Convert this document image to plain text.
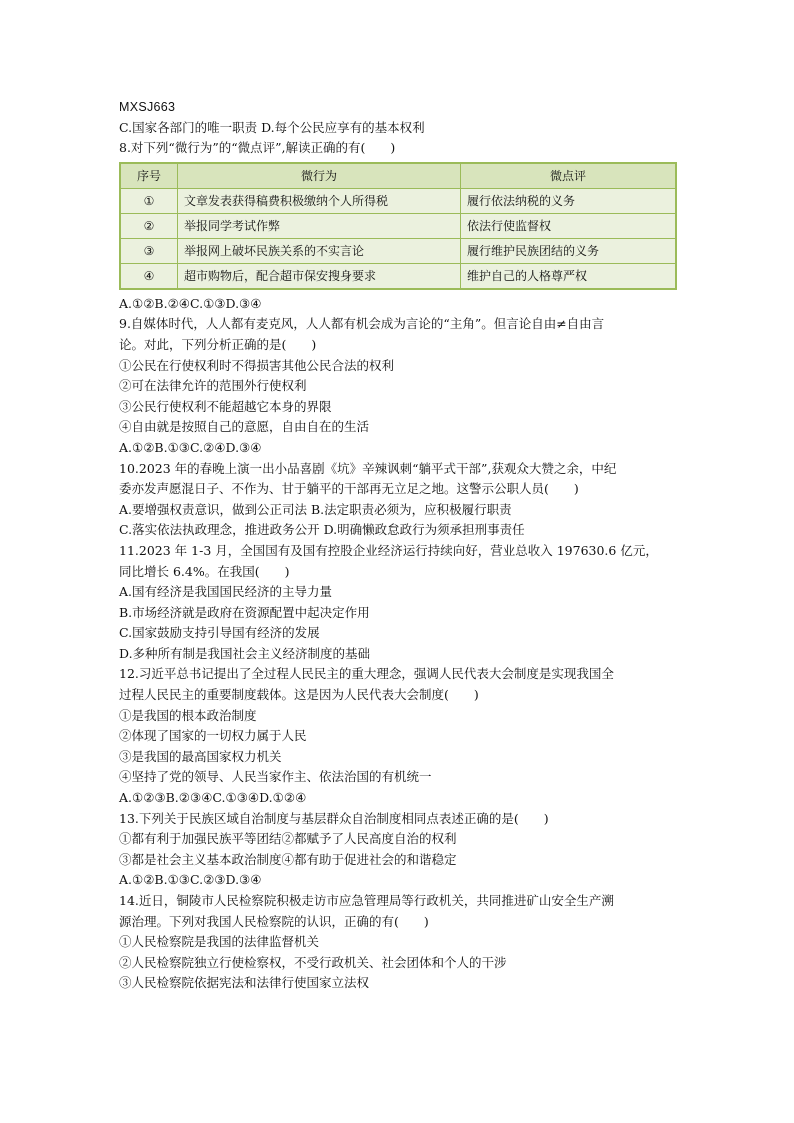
MXSJ663
C.国家各部门的唯一职责 D.每个公民应享有的基本权利
8.对下列“微行为”的“微点评”,解读正确的有(　　)
序号	微行为	微点评
①	文章发表获得稿费积极缴纳个人所得税	履行依法纳税的义务
②	举报同学考试作弊	依法行使监督权
③	举报网上破坏民族关系的不实言论	履行维护民族团结的义务
④	超市购物后，配合超市保安搜身要求	维护自己的人格尊严权
A.①②B.②④C.①③D.③④
9.自媒体时代，人人都有麦克风，人人都有机会成为言论的“主角”。但言论自由≠自由言
论。对此，下列分析正确的是(　　)
①公民在行使权利时不得损害其他公民合法的权利
②可在法律允许的范围外行使权利
③公民行使权利不能超越它本身的界限
④自由就是按照自己的意愿，自由自在的生活
A.①②B.①③C.②④D.③④
10.2023 年的春晚上演一出小品喜剧《坑》辛辣讽刺“躺平式干部”,获观众大赞之余，中纪
委亦发声愿混日子、不作为、甘于躺平的干部再无立足之地。这警示公职人员(　　)
A.要增强权责意识，做到公正司法 B.法定职责必须为，应积极履行职责
C.落实依法执政理念，推进政务公开 D.明确懒政怠政行为须承担刑事责任
11.2023 年 1-3 月，全国国有及国有控股企业经济运行持续向好，营业总收入 197630.6 亿元，
同比增长 6.4%。在我国(　　)
A.国有经济是我国国民经济的主导力量
B.市场经济就是政府在资源配置中起决定作用
C.国家鼓励支持引导国有经济的发展
D.多种所有制是我国社会主义经济制度的基础
12.习近平总书记提出了全过程人民民主的重大理念，强调人民代表大会制度是实现我国全
过程人民民主的重要制度载体。这是因为人民代表大会制度(　　)
①是我国的根本政治制度
②体现了国家的一切权力属于人民
③是我国的最高国家权力机关
④坚持了党的领导、人民当家作主、依法治国的有机统一
A.①②③B.②③④C.①③④D.①②④
13.下列关于民族区域自治制度与基层群众自治制度相同点表述正确的是(　　)
①都有利于加强民族平等团结②都赋予了人民高度自治的权利
③都是社会主义基本政治制度④都有助于促进社会的和谐稳定
A.①②B.①③C.②③D.③④
14.近日，铜陵市人民检察院积极走访市应急管理局等行政机关，共同推进矿山安全生产溯
源治理。下列对我国人民检察院的认识，正确的有(　　)
①人民检察院是我国的法律监督机关
②人民检察院独立行使检察权，不受行政机关、社会团体和个人的干涉
③人民检察院依据宪法和法律行使国家立法权
